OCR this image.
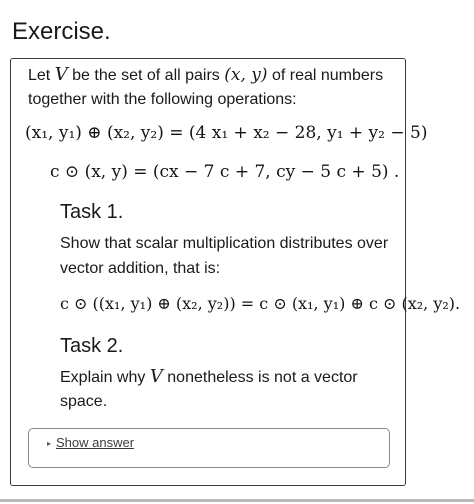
Exercise.
Let V be the set of all pairs (x, y) of real numbers
together with the following operations:
(x₁, y₁) ⊕ (x₂, y₂) = (4 x₁ + x₂ − 28, y₁ + y₂ − 5)
c ⊙ (x, y) = (cx − 7 c + 7, cy − 5 c + 5) .
Task 1.
Show that scalar multiplication distributes over
vector addition, that is:
c ⊙ ((x₁, y₁) ⊕ (x₂, y₂)) = c ⊙ (x₁, y₁) ⊕ c ⊙ (x₂, y₂).
Task 2.
Explain why V nonetheless is not a vector
space.
▸ Show answer
